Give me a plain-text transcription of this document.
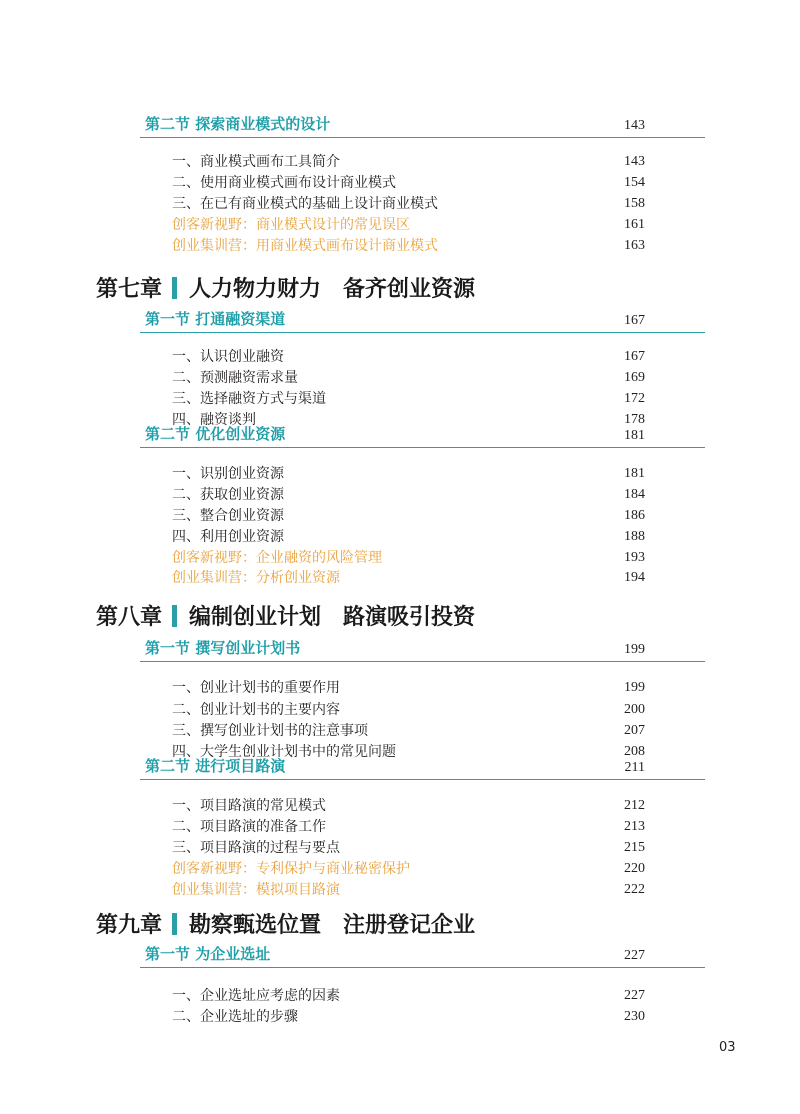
第二节 探索商业模式的设计	143
一、商业模式画布工具简介	143
二、使用商业模式画布设计商业模式	154
三、在已有商业模式的基础上设计商业模式	158
创客新视野：商业模式设计的常见误区	161
创业集训营：用商业模式画布设计商业模式	163
第七章 人力物力财力　备齐创业资源
第一节 打通融资渠道	167
一、认识创业融资	167
二、预测融资需求量	169
三、选择融资方式与渠道	172
四、融资谈判	178
第二节 优化创业资源	181
一、识别创业资源	181
二、获取创业资源	184
三、整合创业资源	186
四、利用创业资源	188
创客新视野：企业融资的风险管理	193
创业集训营：分析创业资源	194
第八章 编制创业计划　路演吸引投资
第一节 撰写创业计划书	199
一、创业计划书的重要作用	199
二、创业计划书的主要内容	200
三、撰写创业计划书的注意事项	207
四、大学生创业计划书中的常见问题	208
第二节 进行项目路演	211
一、项目路演的常见模式	212
二、项目路演的准备工作	213
三、项目路演的过程与要点	215
创客新视野：专利保护与商业秘密保护	220
创业集训营：模拟项目路演	222
第九章 勘察甄选位置　注册登记企业
第一节 为企业选址	227
一、企业选址应考虑的因素	227
二、企业选址的步骤	230
03
